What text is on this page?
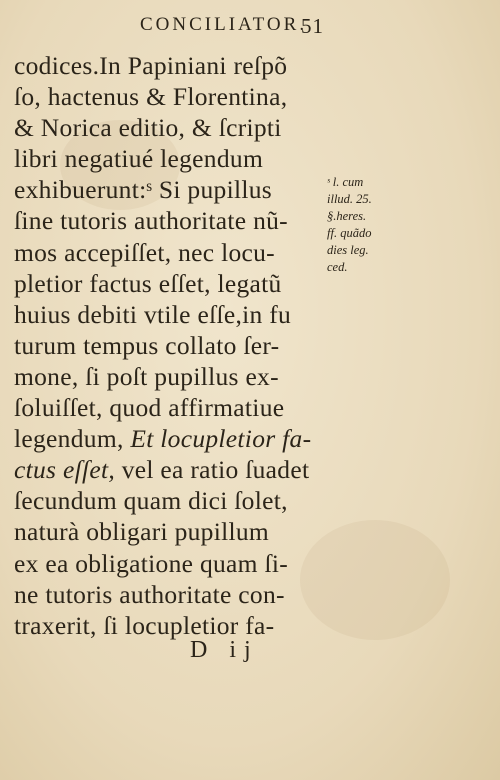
CONCILIATOR.
51
codices.In Papiniani reſpõ
ſo, hactenus & Florentina,
& Norica editio, & ſcripti
libri negatiué legendum
exhibuerunt:ˢ Si pupillus
ſine tutoris authoritate nũ-
mos accepiſſet, nec locu-
pletior factus eſſet, legatũ
huius debiti vtile eſſe,in fu
turum tempus collato ſer-
mone, ſi poſt pupillus ex-
ſoluiſſet, quod affirmatiue
legendum, Et locupletior fa-
ctus eſſet, vel ea ratio ſuadet
ſecundum quam dici ſolet,
naturà obligari pupillum
ex ea obligatione quam ſi-
ne tutoris authoritate con-
traxerit, ſi locupletior fa-
ˢ l. cum
illud. 25.
§.heres.
ff. quãdo
dies leg.
ced.
D ij
